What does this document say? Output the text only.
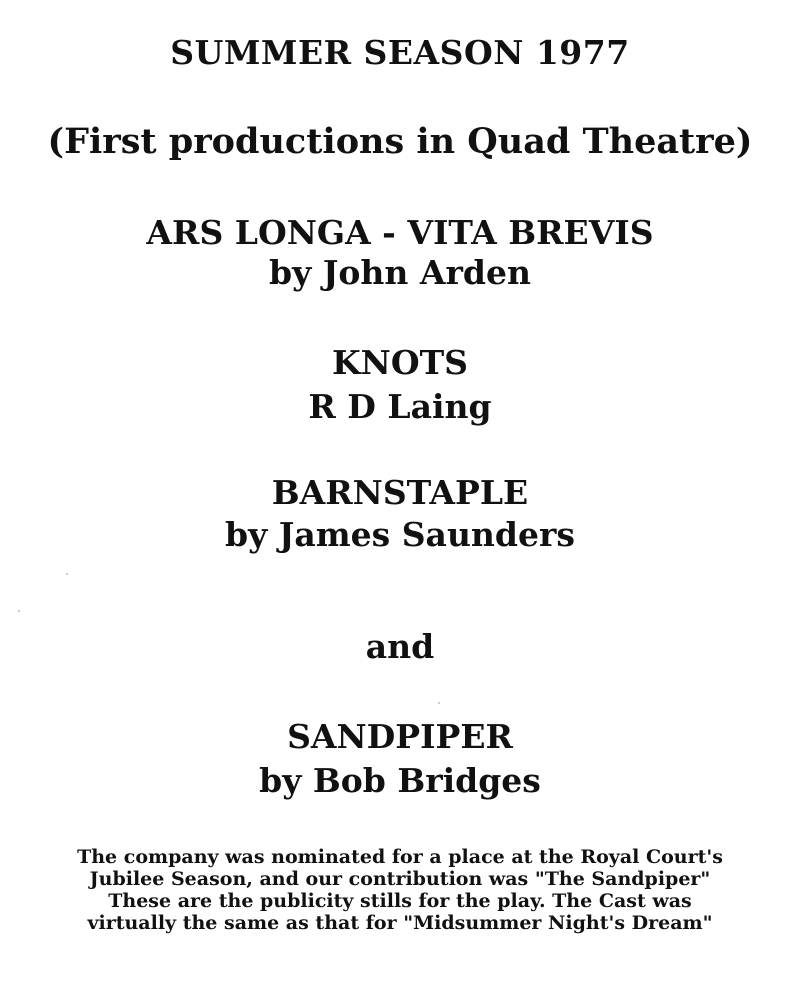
SUMMER SEASON 1977
(First productions in Quad Theatre)
ARS LONGA - VITA BREVIS
by John Arden
KNOTS
R D Laing
BARNSTAPLE
by James Saunders
and
SANDPIPER
by Bob Bridges
The company was nominated for a place at the Royal Court's
Jubilee Season, and our contribution was "The Sandpiper"
These are the publicity stills for the play. The Cast was
virtually the same as that for "Midsummer Night's Dream"
